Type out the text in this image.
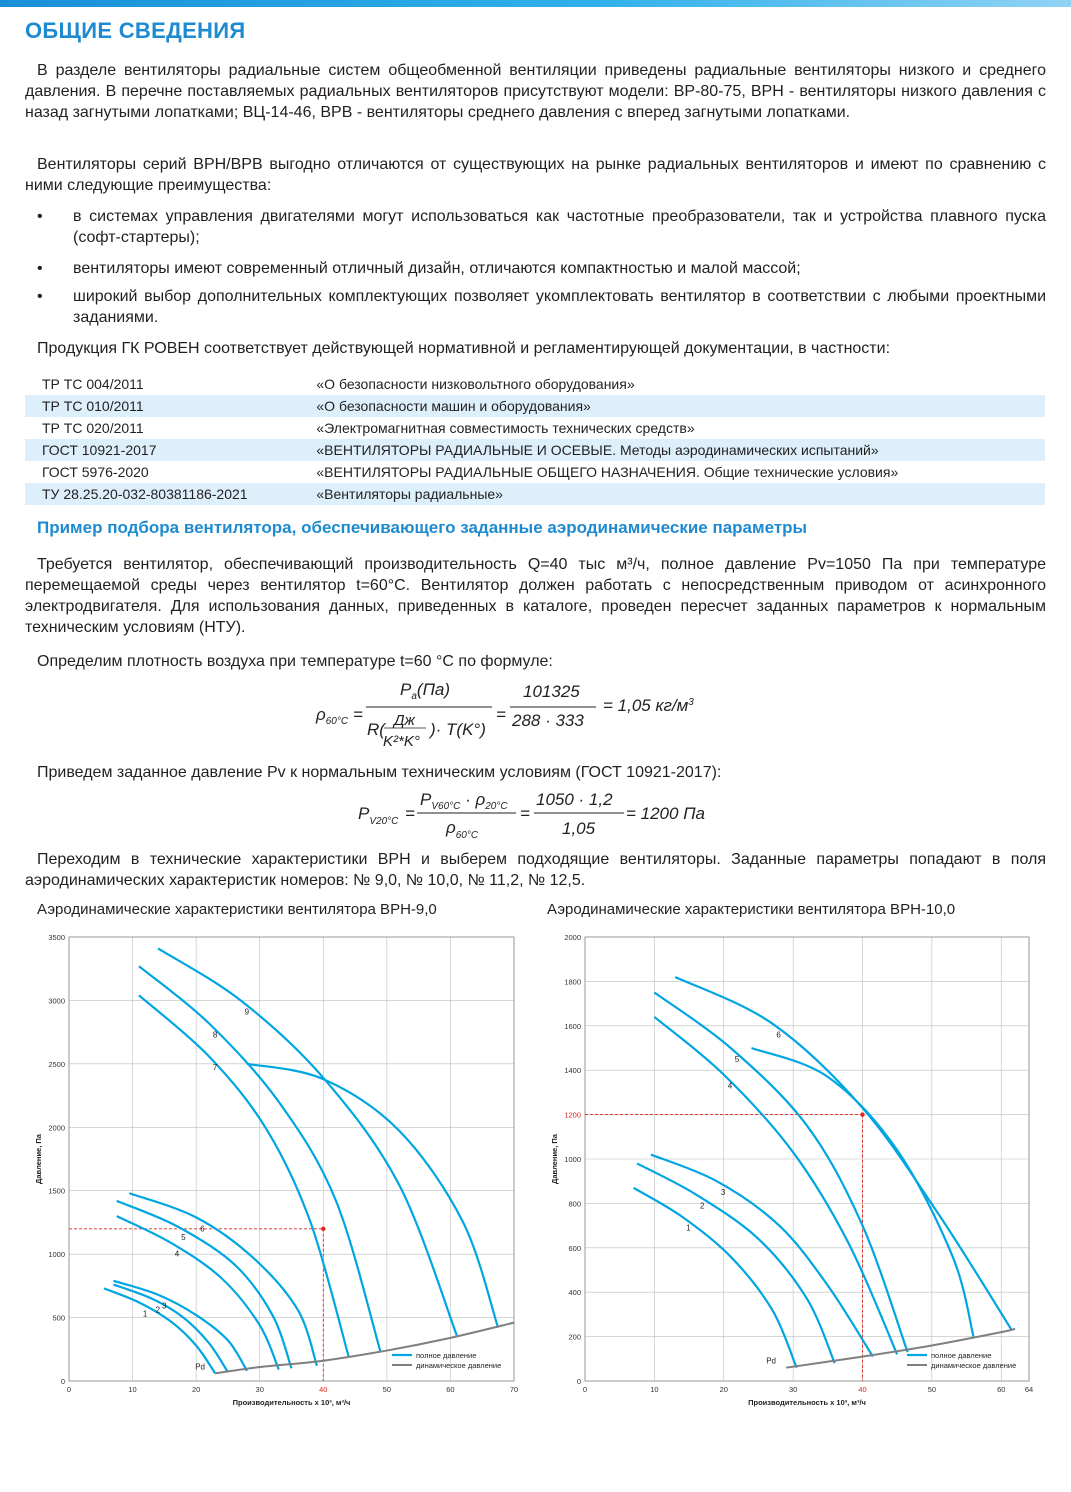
ОБЩИЕ СВЕДЕНИЯ
В разделе вентиляторы радиальные систем общеобменной вентиляции приведены радиальные вентиляторы низкого и среднего давления. В перечне поставляемых радиальных вентиляторов присутствуют модели: ВР-80-75, ВРН - вентиляторы низкого давления с назад загнутыми лопатками; ВЦ-14-46, ВРВ - вентиляторы среднего давления с вперед загнутыми лопатками.
Вентиляторы серий ВРН/ВРВ выгодно отличаются от существующих на рынке радиальных вентиляторов и имеют по сравнению с ними следующие преимущества:
• в системах управления двигателями могут использоваться как частотные преобразователи, так и устройства плавного пуска (софт-стартеры);
• вентиляторы имеют современный отличный дизайн, отличаются компактностью и малой массой;
• широкий выбор дополнительных комплектующих позволяет укомплектовать вентилятор в соответствии с любыми проектными заданиями.
Продукция ГК РОВЕН соответствует действующей нормативной и регламентирующей документации, в частности:
ТР ТС 004/2011	«О безопасности низковольтного оборудования»
ТР ТС 010/2011	«О безопасности машин и оборудования»
ТР ТС 020/2011	«Электромагнитная совместимость технических средств»
ГОСТ 10921-2017	«ВЕНТИЛЯТОРЫ РАДИАЛЬНЫЕ И ОСЕВЫЕ. Методы аэродинамических испытаний»
ГОСТ 5976-2020	«ВЕНТИЛЯТОРЫ РАДИАЛЬНЫЕ ОБЩЕГО НАЗНАЧЕНИЯ. Общие технические условия»
ТУ 28.25.20-032-80381186-2021	«Вентиляторы радиальные»
Пример подбора вентилятора, обеспечивающего заданные аэродинамические параметры
Требуется вентилятор, обеспечивающий производительность Q=40 тыс м³/ч, полное давление Pv=1050 Па при температуре перемещаемой среды через вентилятор t=60°C. Вентилятор должен работать с непосредственным приводом от асинхронного электродвигателя. Для использования данных, приведенных в каталоге, проведен пересчет заданных параметров к нормальным техническим условиям (НТУ).
Определим плотность воздуха при температуре t=60 °C по формуле:
$\rho_{60^\circ C}$ =
$P_a(Па)$
R( Дж
K²*K°
)· T(K°)
=
101325
288 · 333
= 1,05 $кг/м^3$
Приведем заданное давление Pv к нормальным техническим условиям (ГОСТ 10921-2017):
$P_{V20^\circ C}$ =
$P_{V60^\circ C} \cdot \rho_{20^\circ C}$
$\rho_{60^\circ C}$
=
1050 · 1,2
1,05
= 1200 Па
Переходим в технические характеристики ВРН и выберем подходящие вентиляторы. Заданные параметры попадают в поля аэродинамических характеристик номеров: № 9,0, № 10,0, № 11,2, № 12,5.
Аэродинамические характеристики вентилятора ВРН-9,0	Аэродинамические характеристики вентилятора ВРН-10,0
0
500
1000
1500
2000
2500
3000
3500
0	10	20	30	40	50	60	70
Производительность х 10³, м³/ч
Давление, Па
1 2 3
4
5
6
7
8
9
Pd
полное давление
динамическое давление
0
200
400
600
800
1000
1200
1400
1600
1800
2000
0	10	20	30	40	50	60	64
Производительность х 10³, м³/ч
Давление, Па
1
2
3
4
5
6
Pd
полное давление
динамическое давление
